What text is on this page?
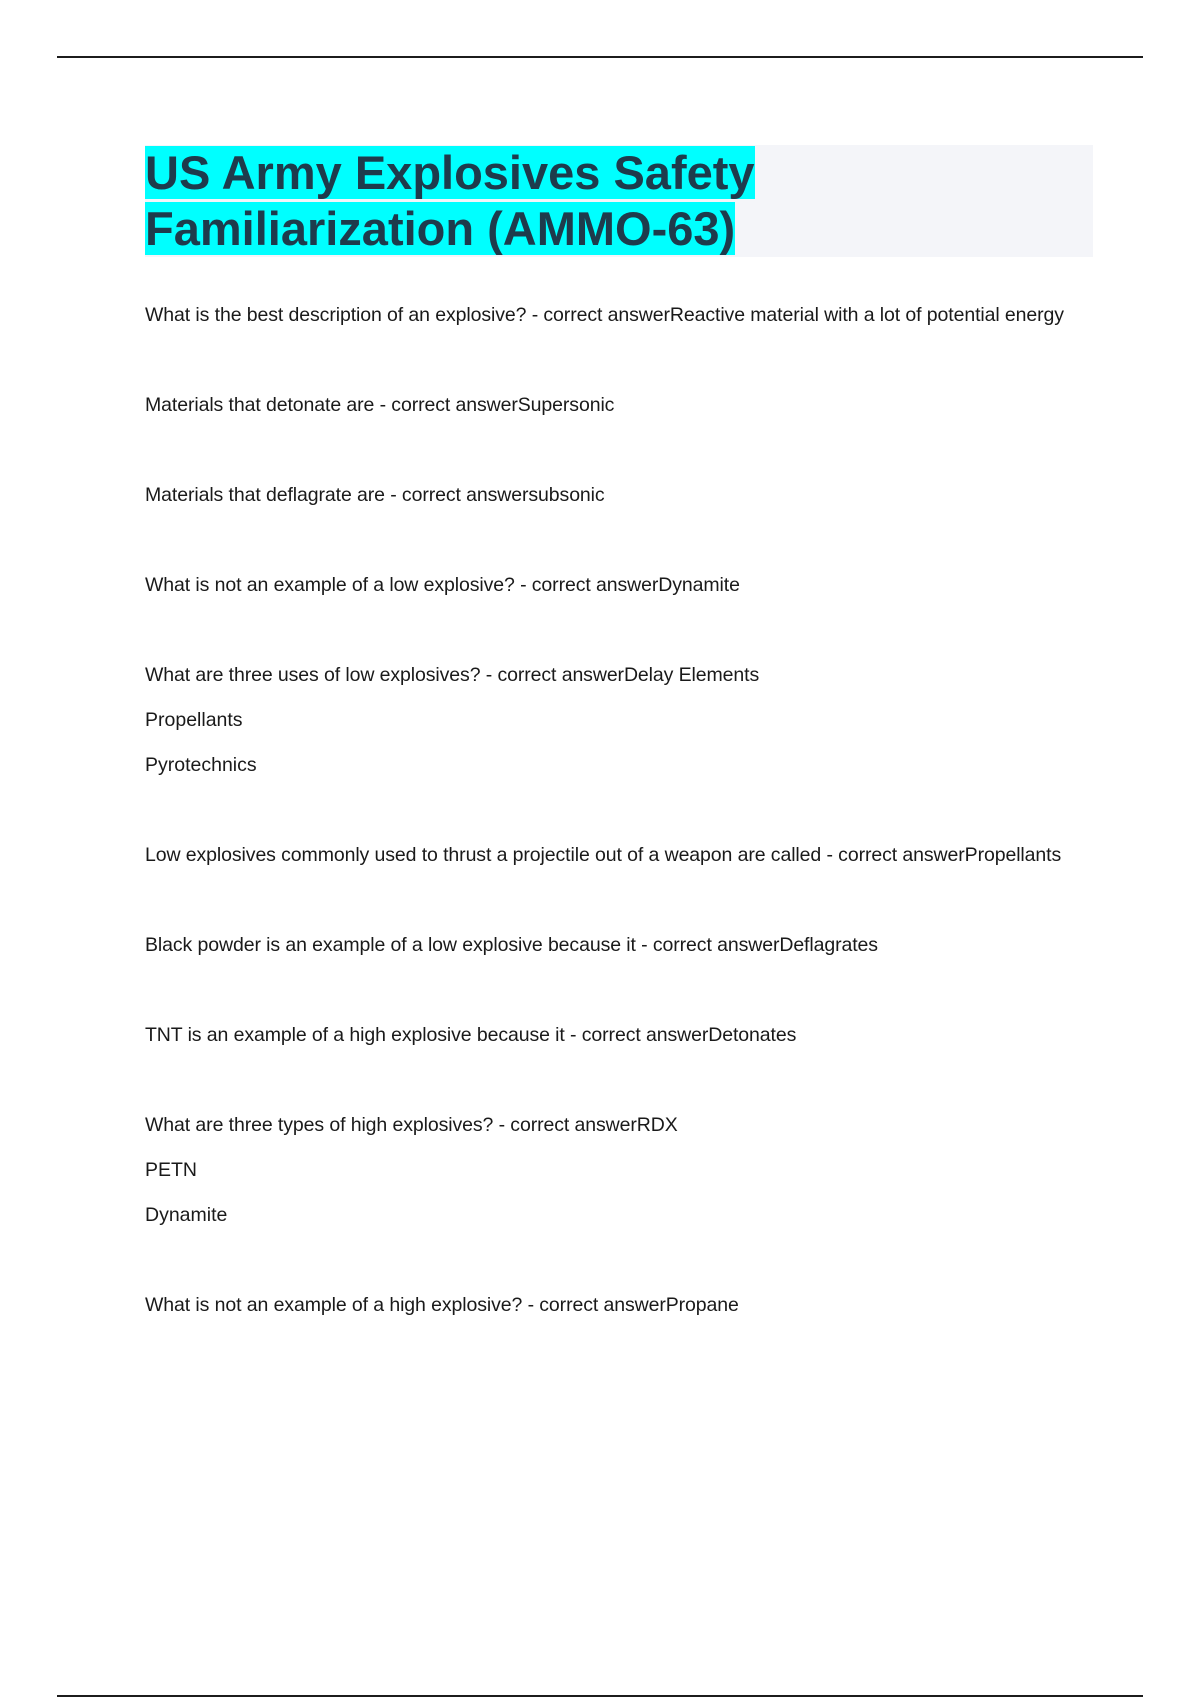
US Army Explosives Safety Familiarization (AMMO-63)

What is the best description of an explosive? - correct answerReactive material with a lot of potential energy

Materials that detonate are - correct answerSupersonic

Materials that deflagrate are - correct answersubsonic

What is not an example of a low explosive? - correct answerDynamite

What are three uses of low explosives? - correct answerDelay Elements

Propellants

Pyrotechnics

Low explosives commonly used to thrust a projectile out of a weapon are called - correct answerPropellants

Black powder is an example of a low explosive because it - correct answerDeflagrates

TNT is an example of a high explosive because it - correct answerDetonates

What are three types of high explosives? - correct answerRDX

PETN

Dynamite

What is not an example of a high explosive? - correct answerPropane
